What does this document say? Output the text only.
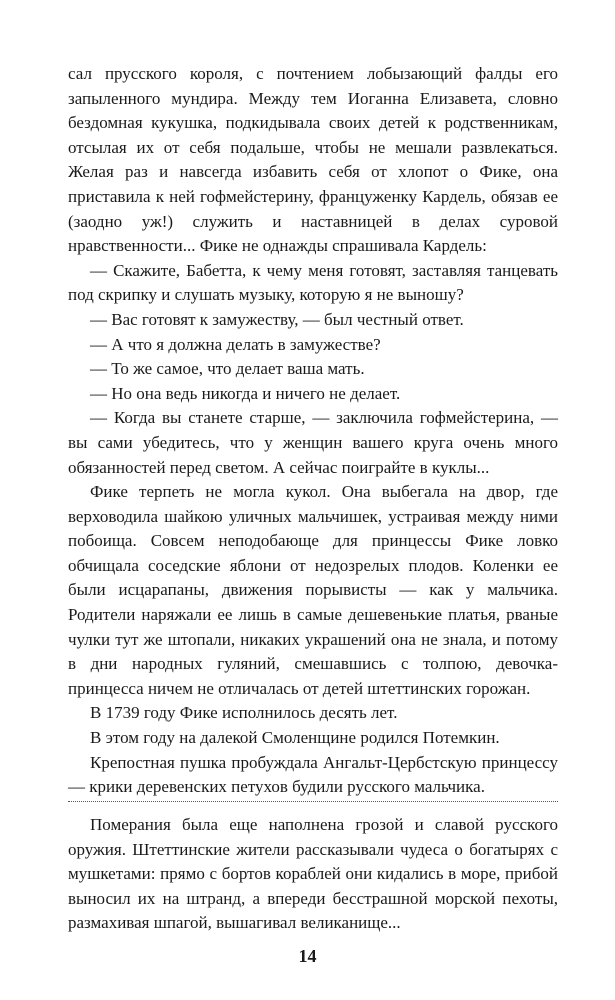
сал прусского короля, с почтением лобызающий фалды его запыленного мундира. Между тем Иоганна Елизавета, словно бездомная кукушка, подкидывала своих детей к родственникам, отсылая их от себя подальше, чтобы не мешали развлекаться. Желая раз и навсегда избавить себя от хлопот о Фике, она приставила к ней гофмейстерину, француженку Кардель, обязав ее (заодно уж!) служить и наставницей в делах суровой нравственности... Фике не однажды спрашивала Кардель:

— Скажите, Бабетта, к чему меня готовят, заставляя танцевать под скрипку и слушать музыку, которую я не выношу?

— Вас готовят к замужеству, — был честный ответ.

— А что я должна делать в замужестве?

— То же самое, что делает ваша мать.

— Но она ведь никогда и ничего не делает.

— Когда вы станете старше, — заключила гофмейстерина, — вы сами убедитесь, что у женщин вашего круга очень много обязанностей перед светом. А сейчас поиграйте в куклы...

Фике терпеть не могла кукол. Она выбегала на двор, где верховодила шайкою уличных мальчишек, устраивая между ними побоища. Совсем неподобающе для принцессы Фике ловко обчищала соседские яблони от недозрелых плодов. Коленки ее были исцарапаны, движения порывисты — как у мальчика. Родители наряжали ее лишь в самые дешевенькие платья, рваные чулки тут же штопали, никаких украшений она не знала, и потому в дни народных гуляний, смешавшись с толпою, девочка-принцесса ничем не отличалась от детей штеттинских горожан.

В 1739 году Фике исполнилось десять лет.

В этом году на далекой Смоленщине родился Потемкин.

Крепостная пушка пробуждала Ангальт-Цербстскую принцессу — крики деревенских петухов будили русского мальчика.

Померания была еще наполнена грозой и славой русского оружия. Штеттинские жители рассказывали чудеса о богатырях с мушкетами: прямо с бортов кораблей они кидались в море, прибой выносил их на штранд, а впереди бесстрашной морской пехоты, размахивая шпагой, вышагивал великанище...

14
